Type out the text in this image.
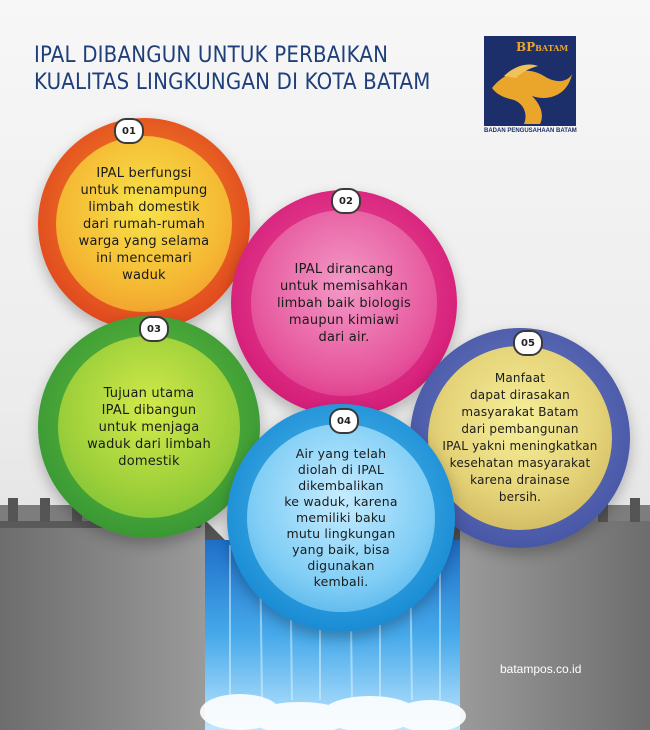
IPAL DIBANGUN UNTUK PERBAIKAN
KUALITAS LINGKUNGAN DI KOTA BATAM
BPBATAM
BADAN PENGUSAHAAN BATAM
IPAL berfungsi
untuk menampung
limbah domestik
dari rumah-rumah
warga yang selama
ini mencemari
waduk	IPAL dirancang
untuk memisahkan
limbah baik biologis
maupun kimiawi
dari air.
Tujuan utama
IPAL dibangun
untuk menjaga
waduk dari limbah
domestik
Manfaat
dapat dirasakan
masyarakat Batam
dari pembangunan
IPAL yakni meningkatkan
kesehatan masyarakat
karena drainase
bersih.
Air yang telah
diolah di IPAL
dikembalikan
ke waduk, karena
memiliki baku
mutu lingkungan
yang baik, bisa
digunakan
kembali.
01
02
03
04
05
batampos.co.id
